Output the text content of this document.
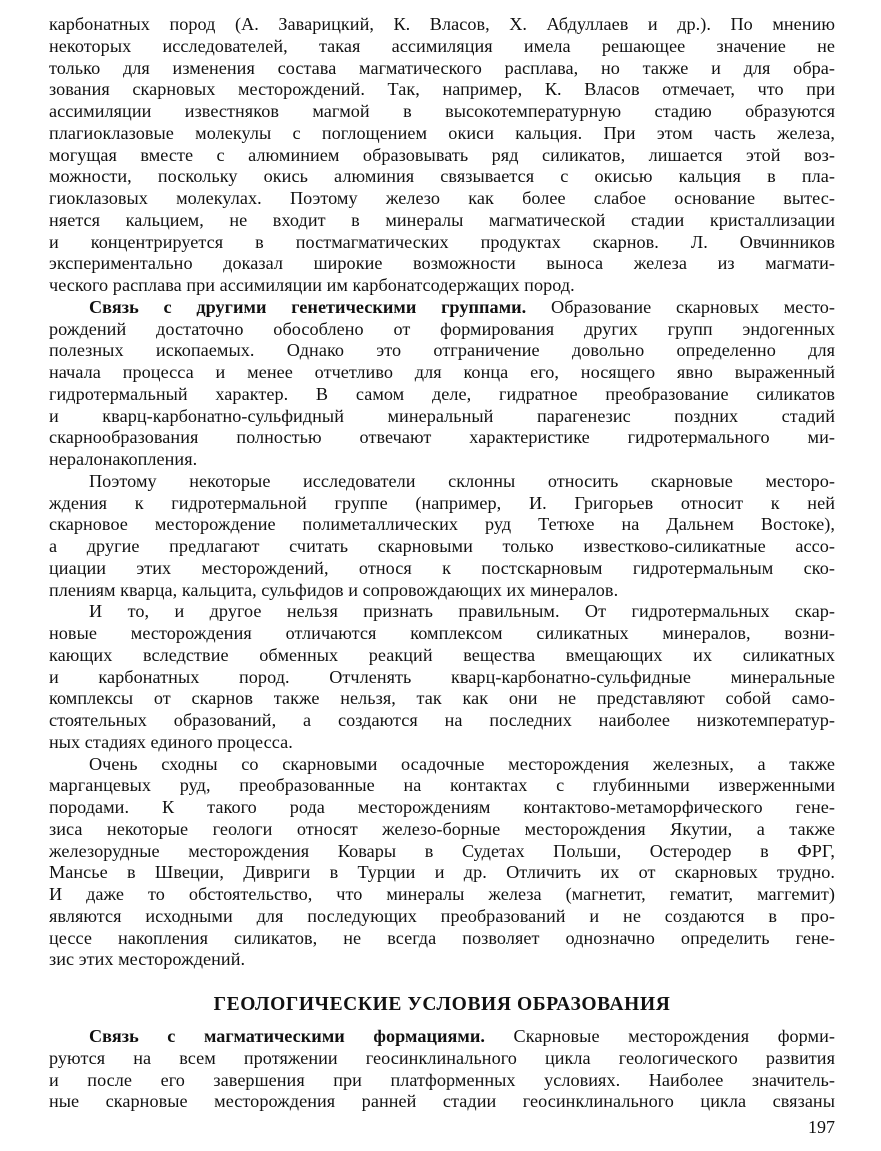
карбонатных пород (А. Заварицкий, К. Власов, Х. Абдуллаев и др.). По мнению
некоторых исследователей, такая ассимиляция имела решающее значение не
только для изменения состава магматического расплава, но также и для обра-
зования скарновых месторождений. Так, например, К. Власов отмечает, что при
ассимиляции известняков магмой в высокотемпературную стадию образуются
плагиоклазовые молекулы с поглощением окиси кальция. При этом часть железа,
могущая вместе с алюминием образовывать ряд силикатов, лишается этой воз-
можности, поскольку окись алюминия связывается с окисью кальция в пла-
гиоклазовых молекулах. Поэтому железо как более слабое основание вытес-
няется кальцием, не входит в минералы магматической стадии кристаллизации
и концентрируется в постмагматических продуктах скарнов. Л. Овчинников
экспериментально доказал широкие возможности выноса железа из магмати-
ческого расплава при ассимиляции им карбонатсодержащих пород.
Связь с другими генетическими группами. Образование скарновых место-
рождений достаточно обособлено от формирования других групп эндогенных
полезных ископаемых. Однако это отграничение довольно определенно для
начала процесса и менее отчетливо для конца его, носящего явно выраженный
гидротермальный характер. В самом деле, гидратное преобразование силикатов
и кварц-карбонатно-сульфидный минеральный парагенезис поздних стадий
скарнообразования полностью отвечают характеристике гидротермального ми-
нералонакопления.
Поэтому некоторые исследователи склонны относить скарновые месторо-
ждения к гидротермальной группе (например, И. Григорьев относит к ней
скарновое месторождение полиметаллических руд Тетюхе на Дальнем Востоке),
а другие предлагают считать скарновыми только известково-силикатные ассо-
циации этих месторождений, относя к постскарновым гидротермальным ско-
плениям кварца, кальцита, сульфидов и сопровождающих их минералов.
И то, и другое нельзя признать правильным. От гидротермальных скар-
новые месторождения отличаются комплексом силикатных минералов, возни-
кающих вследствие обменных реакций вещества вмещающих их силикатных
и карбонатных пород. Отчленять кварц-карбонатно-сульфидные минеральные
комплексы от скарнов также нельзя, так как они не представляют собой само-
стоятельных образований, а создаются на последних наиболее низкотемператур-
ных стадиях единого процесса.
Очень сходны со скарновыми осадочные месторождения железных, а также
марганцевых руд, преобразованные на контактах с глубинными изверженными
породами. К такого рода месторождениям контактово-метаморфического гене-
зиса некоторые геологи относят железо-борные месторождения Якутии, а также
железорудные месторождения Ковары в Судетах Польши, Остеродер в ФРГ,
Мансье в Швеции, Дивриги в Турции и др. Отличить их от скарновых трудно.
И даже то обстоятельство, что минералы железа (магнетит, гематит, маггемит)
являются исходными для последующих преобразований и не создаются в про-
цессе накопления силикатов, не всегда позволяет однозначно определить гене-
зис этих месторождений.
ГЕОЛОГИЧЕСКИЕ УСЛОВИЯ ОБРАЗОВАНИЯ
Связь с магматическими формациями. Скарновые месторождения форми-
руются на всем протяжении геосинклинального цикла геологического развития
и после его завершения при платформенных условиях. Наиболее значитель-
ные скарновые месторождения ранней стадии геосинклинального цикла связаны
197
